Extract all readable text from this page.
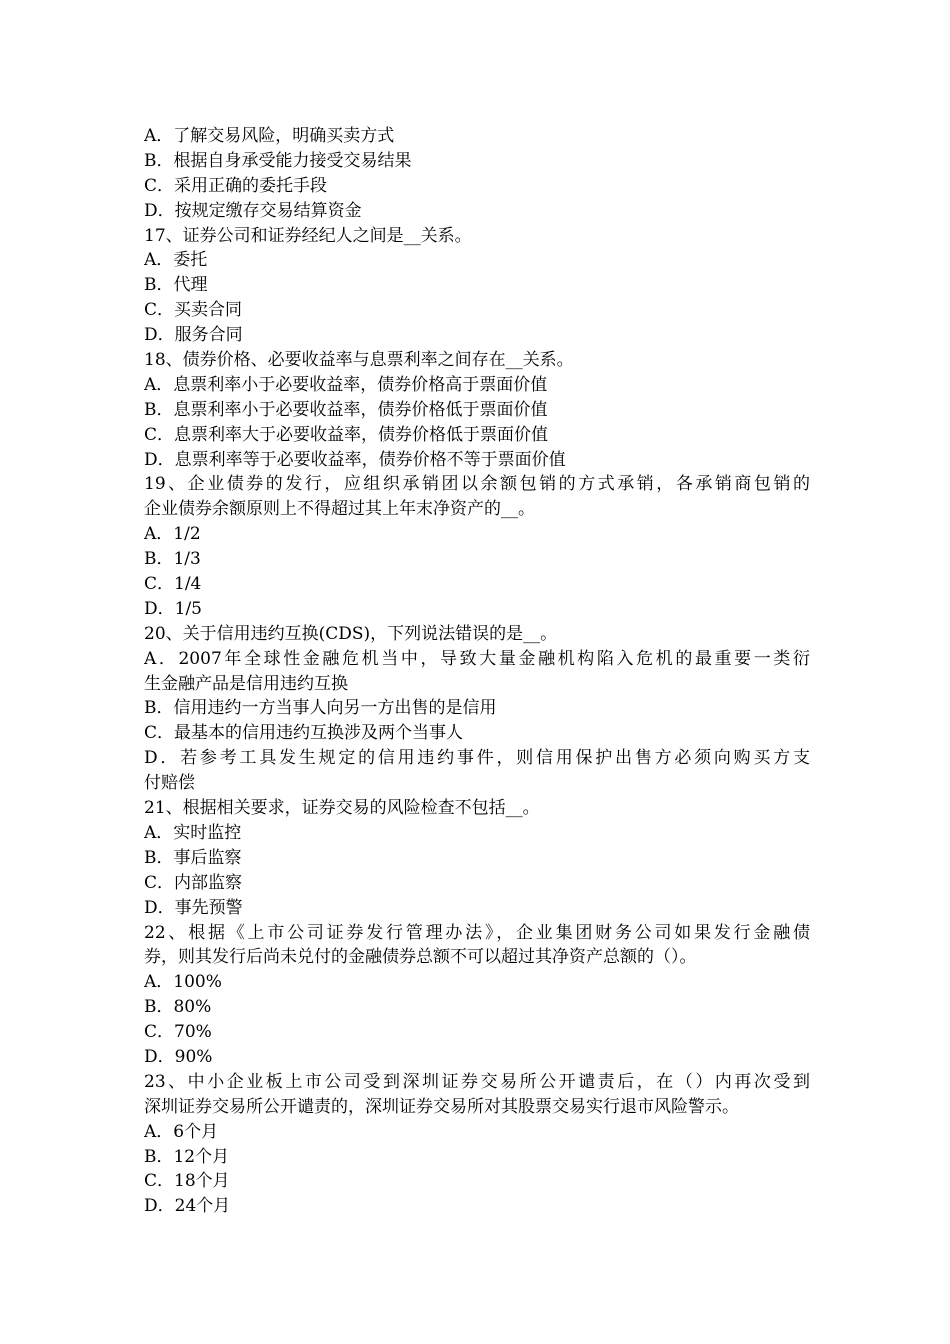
A．了解交易风险，明确买卖方式
B．根据自身承受能力接受交易结果
C．采用正确的委托手段
D．按规定缴存交易结算资金
17、证券公司和证券经纪人之间是__关系。
A．委托
B．代理
C．买卖合同
D．服务合同
18、债券价格、必要收益率与息票利率之间存在__关系。
A．息票利率小于必要收益率，债券价格高于票面价值
B．息票利率小于必要收益率，债券价格低于票面价值
C．息票利率大于必要收益率，债券价格低于票面价值
D．息票利率等于必要收益率，债券价格不等于票面价值
19、企业债券的发行，应组织承销团以余额包销的方式承销，各承销商包销的
企业债券余额原则上不得超过其上年末净资产的__。
A．1/2
B．1/3
C．1/4
D．1/5
20、关于信用违约互换(CDS)，下列说法错误的是__。
A．2007年全球性金融危机当中，导致大量金融机构陷入危机的最重要一类衍
生金融产品是信用违约互换
B．信用违约一方当事人向另一方出售的是信用
C．最基本的信用违约互换涉及两个当事人
D．若参考工具发生规定的信用违约事件，则信用保护出售方必须向购买方支
付赔偿
21、根据相关要求，证券交易的风险检查不包括__。
A．实时监控
B．事后监察
C．内部监察
D．事先预警
22、根据《上市公司证券发行管理办法》，企业集团财务公司如果发行金融债
券，则其发行后尚未兑付的金融债券总额不可以超过其净资产总额的（）。
A．100%
B．80%
C．70%
D．90%
23、中小企业板上市公司受到深圳证券交易所公开谴责后，在（）内再次受到
深圳证券交易所公开谴责的，深圳证券交易所对其股票交易实行退市风险警示。
A．6个月
B．12个月
C．18个月
D．24个月
